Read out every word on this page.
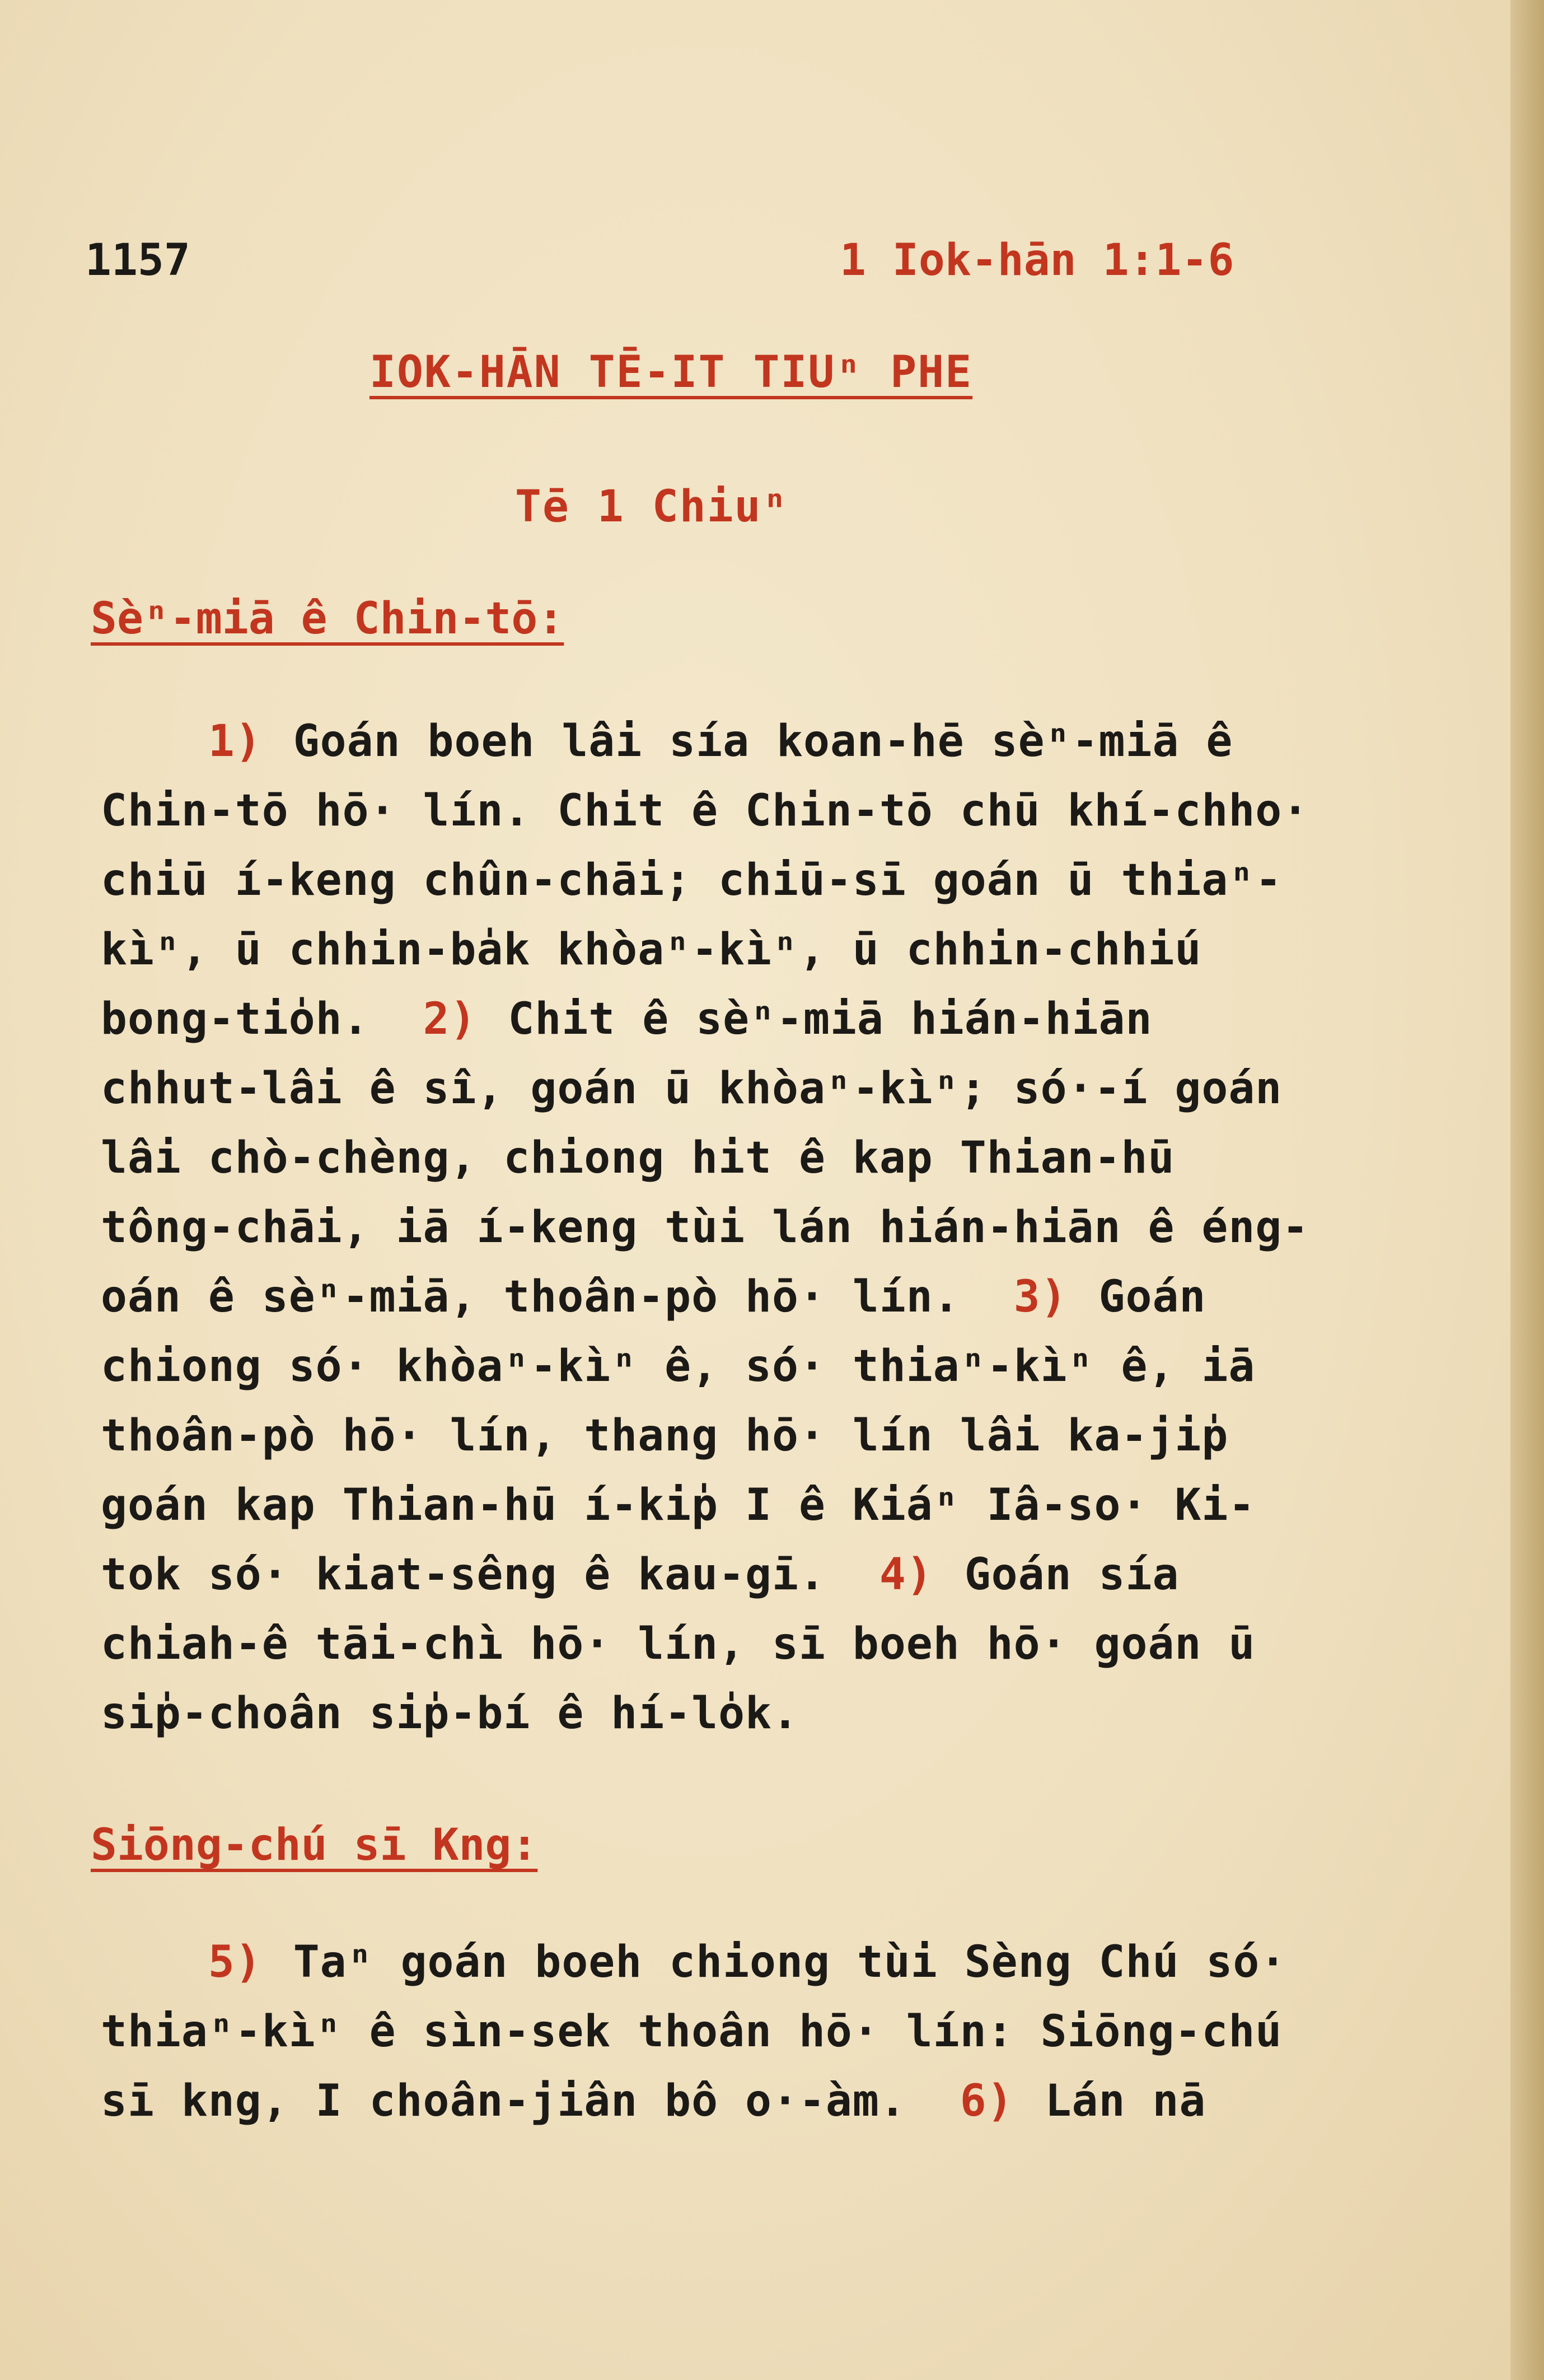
1157	1 Iok-hān 1:1-6
IOK-HĀN TĒ-IT TIUⁿ PHE
Tē 1 Chiuⁿ
Sèⁿ-miā ê Chin-tō:
1) Goán boeh lâi sía koan-hē sèⁿ-miā ê
Chin-tō hō· lín. Chit ê Chin-tō chū khí-chho·
chiū í-keng chûn-chāi; chiū-sī goán ū thiaⁿ-
kìⁿ, ū chhin-ba̍k khòaⁿ-kìⁿ, ū chhin-chhiú
bong-tio̍h.  2) Chit ê sèⁿ-miā hián-hiān
chhut-lâi ê sî, goán ū khòaⁿ-kìⁿ; só·-í goán
lâi chò-chèng, chiong hit ê kap Thian-hū
tông-chāi, iā í-keng tùi lán hián-hiān ê éng-
oán ê sèⁿ-miā, thoân-pò hō· lín.  3) Goán
chiong só· khòaⁿ-kìⁿ ê, só· thiaⁿ-kìⁿ ê, iā
thoân-pò hō· lín, thang hō· lín lâi ka-ji̍p
goán kap Thian-hū í-ki̍p I ê Kiáⁿ Iâ-so· Ki-
tok só· kiat-sêng ê kau-gī.  4) Goán sía
chiah-ê tāi-chì hō· lín, sī boeh hō· goán ū
si̍p-choân si̍p-bí ê hí-lo̍k.
Siōng-chú sī Kng:
5) Taⁿ goán boeh chiong tùi Sèng Chú só·
thiaⁿ-kìⁿ ê sìn-sek thoân hō· lín: Siōng-chú
sī kng, I choân-jiân bô o·-àm.  6) Lán nā
